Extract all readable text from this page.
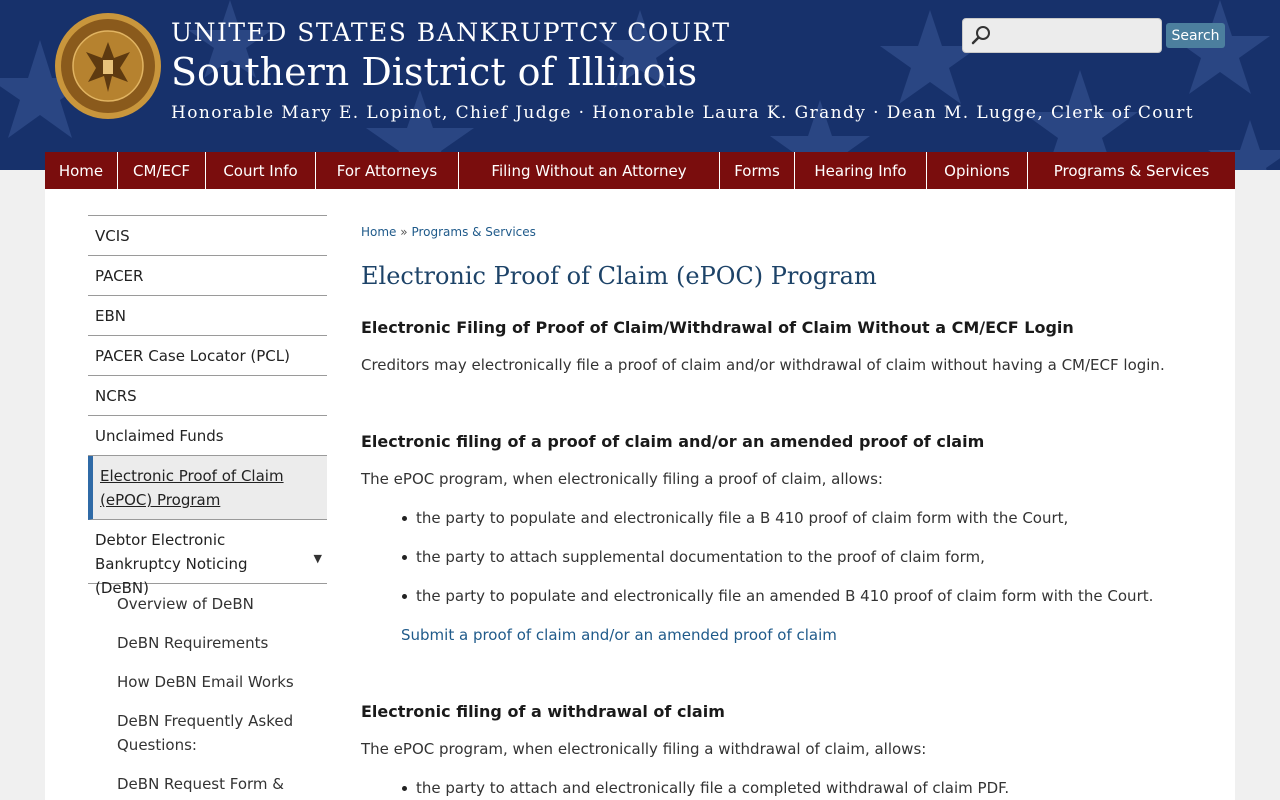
UNITED STATES BANKRUPTCY COURT
Southern District of Illinois
Honorable Mary E. Lopinot, Chief Judge · Honorable Laura K. Grandy · Dean M. Lugge, Clerk of Court
Search
Home	CM/ECF	Court Info	For Attorneys	Filing Without an Attorney	Forms	Hearing Info	Opinions	Programs & Services
VCIS
PACER
EBN
PACER Case Locator (PCL)
NCRS
Unclaimed Funds
Electronic Proof of Claim (ePOC) Program
Debtor Electronic Bankruptcy Noticing (DeBN)
▼
Overview of DeBN
DeBN Requirements
How DeBN Email Works
DeBN Frequently Asked Questions:
DeBN Request Form &
Home » Programs & Services
Electronic Proof of Claim (ePOC) Program
Electronic Filing of Proof of Claim/Withdrawal of Claim Without a CM/ECF Login
Creditors may electronically file a proof of claim and/or withdrawal of claim without having a CM/ECF login.
Electronic filing of a proof of claim and/or an amended proof of claim
The ePOC program, when electronically filing a proof of claim, allows:
the party to populate and electronically file a B 410 proof of claim form with the Court,
the party to attach supplemental documentation to the proof of claim form,
the party to populate and electronically file an amended B 410 proof of claim form with the Court.
Submit a proof of claim and/or an amended proof of claim
Electronic filing of a withdrawal of claim
The ePOC program, when electronically filing a withdrawal of claim, allows:
the party to attach and electronically file a completed withdrawal of claim PDF.
